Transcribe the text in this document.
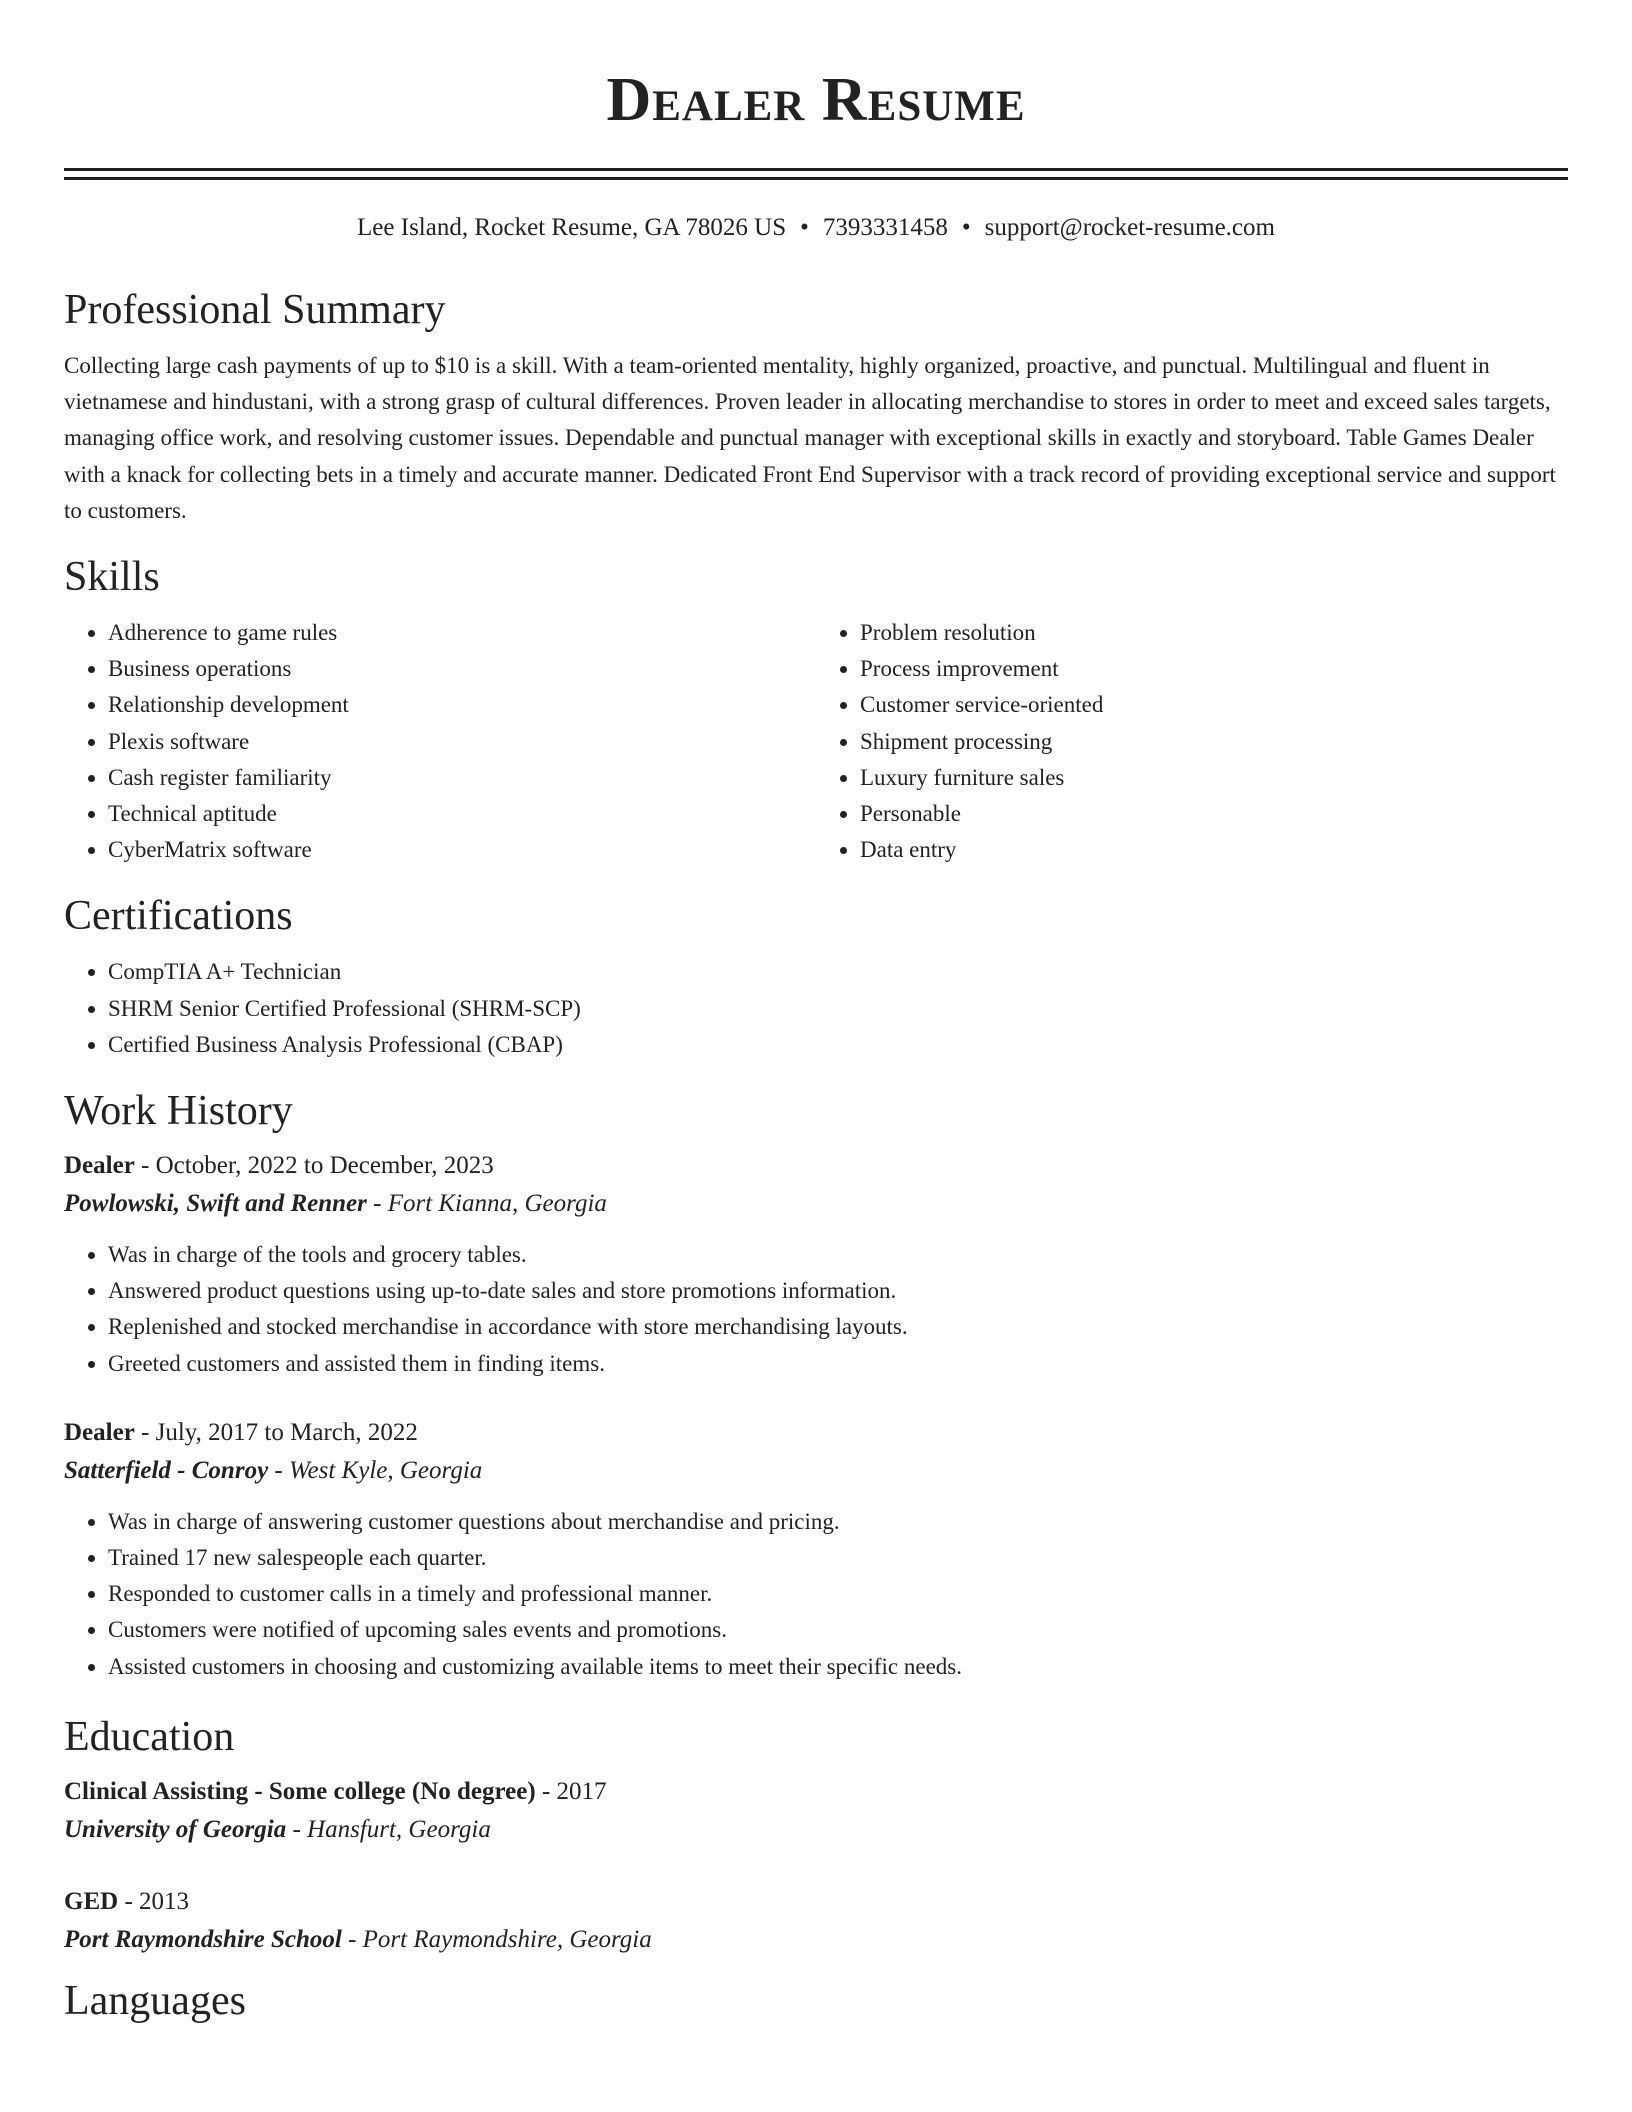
Dealer Resume
Lee Island, Rocket Resume, GA 78026 US • 7393331458 • support@rocket-resume.com
Professional Summary

Collecting large cash payments of up to $10 is a skill. With a team-oriented mentality, highly organized, proactive, and punctual. Multilingual and fluent in vietnamese and hindustani, with a strong grasp of cultural differences. Proven leader in allocating merchandise to stores in order to meet and exceed sales targets, managing office work, and resolving customer issues. Dependable and punctual manager with exceptional skills in exactly and storyboard. Table Games Dealer with a knack for collecting bets in a timely and accurate manner. Dedicated Front End Supervisor with a track record of providing exceptional service and support to customers.

Skills
• Adherence to game rules
• Business operations
• Relationship development
• Plexis software
• Cash register familiarity
• Technical aptitude
• CyberMatrix software
• Problem resolution
• Process improvement
• Customer service-oriented
• Shipment processing
• Luxury furniture sales
• Personable
• Data entry
Certifications
• CompTIA A+ Technician
• SHRM Senior Certified Professional (SHRM-SCP)
• Certified Business Analysis Professional (CBAP)
Work History
Dealer - October, 2022 to December, 2023
Powlowski, Swift and Renner - Fort Kianna, Georgia
• Was in charge of the tools and grocery tables.
• Answered product questions using up-to-date sales and store promotions information.
• Replenished and stocked merchandise in accordance with store merchandising layouts.
• Greeted customers and assisted them in finding items.
Dealer - July, 2017 to March, 2022
Satterfield - Conroy - West Kyle, Georgia
• Was in charge of answering customer questions about merchandise and pricing.
• Trained 17 new salespeople each quarter.
• Responded to customer calls in a timely and professional manner.
• Customers were notified of upcoming sales events and promotions.
• Assisted customers in choosing and customizing available items to meet their specific needs.
Education
Clinical Assisting - Some college (No degree) - 2017
University of Georgia - Hansfurt, Georgia
GED - 2013
Port Raymondshire School - Port Raymondshire, Georgia
Languages
